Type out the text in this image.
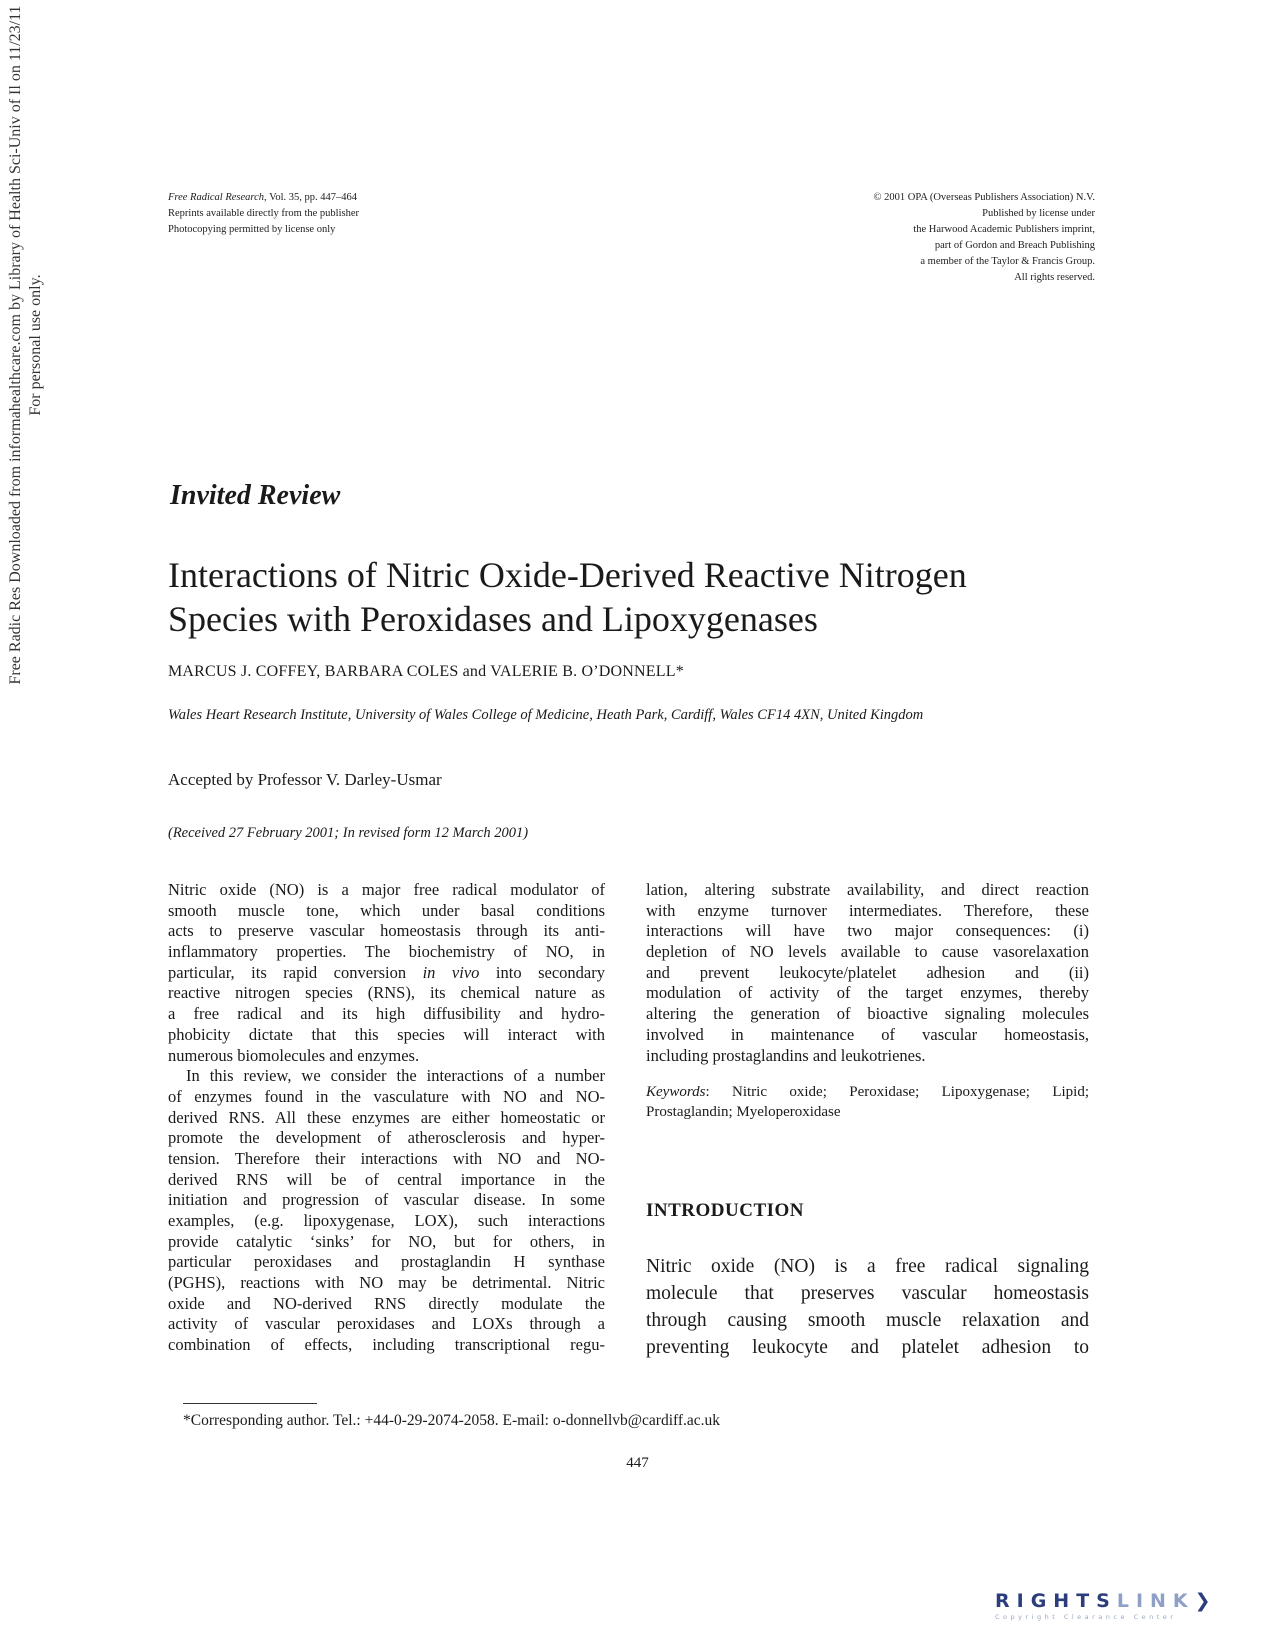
Free Radical Research, Vol. 35, pp. 447–464
Reprints available directly from the publisher
Photocopying permitted by license only
© 2001 OPA (Overseas Publishers Association) N.V.
Published by license under
the Harwood Academic Publishers imprint,
part of Gordon and Breach Publishing
a member of the Taylor & Francis Group.
All rights reserved.
Free Radic Res Downloaded from informahealthcare.com by Library of Health Sci-Univ of Il on 11/23/11 For personal use only.
Invited Review
Interactions of Nitric Oxide-Derived Reactive Nitrogen
Species with Peroxidases and Lipoxygenases
MARCUS J. COFFEY, BARBARA COLES and VALERIE B. O’DONNELL*
Wales Heart Research Institute, University of Wales College of Medicine, Heath Park, Cardiff, Wales CF14 4XN, United Kingdom
Accepted by Professor V. Darley-Usmar
(Received 27 February 2001; In revised form 12 March 2001)
Nitric oxide (NO) is a major free radical modulator of
smooth muscle tone, which under basal conditions
acts to preserve vascular homeostasis through its anti-
inflammatory properties. The biochemistry of NO, in
particular, its rapid conversion in vivo into secondary
reactive nitrogen species (RNS), its chemical nature as
a free radical and its high diffusibility and hydro-
phobicity dictate that this species will interact with
numerous biomolecules and enzymes.
In this review, we consider the interactions of a number
of enzymes found in the vasculature with NO and NO-
derived RNS. All these enzymes are either homeostatic or
promote the development of atherosclerosis and hyper-
tension. Therefore their interactions with NO and NO-
derived RNS will be of central importance in the
initiation and progression of vascular disease. In some
examples, (e.g. lipoxygenase, LOX), such interactions
provide catalytic ‘sinks’ for NO, but for others, in
particular peroxidases and prostaglandin H synthase
(PGHS), reactions with NO may be detrimental. Nitric
oxide and NO-derived RNS directly modulate the
activity of vascular peroxidases and LOXs through a
combination of effects, including transcriptional regu-
lation, altering substrate availability, and direct reaction
with enzyme turnover intermediates. Therefore, these
interactions will have two major consequences: (i)
depletion of NO levels available to cause vasorelaxation
and prevent leukocyte/platelet adhesion and (ii)
modulation of activity of the target enzymes, thereby
altering the generation of bioactive signaling molecules
involved in maintenance of vascular homeostasis,
including prostaglandins and leukotrienes.
Keywords: Nitric oxide; Peroxidase; Lipoxygenase; Lipid;
Prostaglandin; Myeloperoxidase
INTRODUCTION
Nitric oxide (NO) is a free radical signaling
molecule that preserves vascular homeostasis
through causing smooth muscle relaxation and
preventing leukocyte and platelet adhesion to
*Corresponding author. Tel.: +44-0-29-2074-2058. E-mail: o-donnellvb@cardiff.ac.uk
447
RIGHTSLINK❯
Copyright Clearance Center
